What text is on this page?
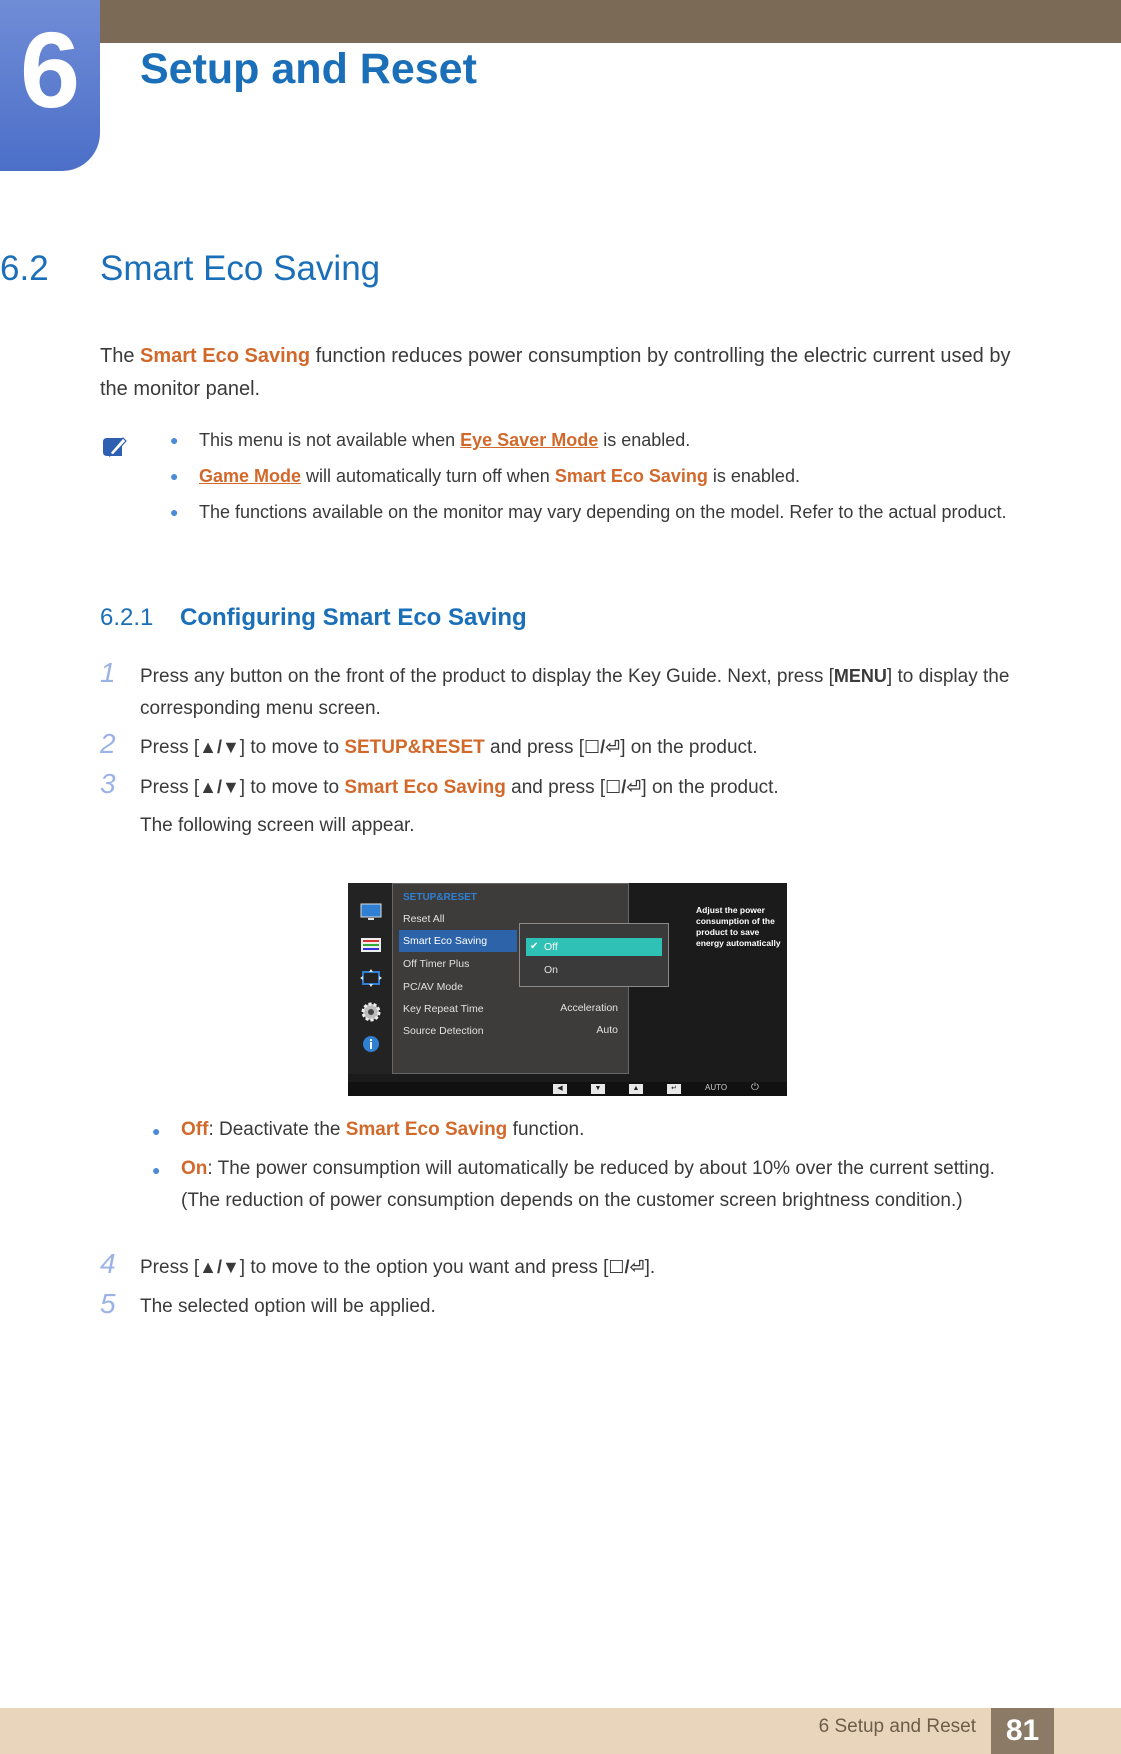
6	Setup and Reset
6.2 Smart Eco Saving
The Smart Eco Saving function reduces power consumption by controlling the electric current used by the monitor panel.
● This menu is not available when Eye Saver Mode is enabled.
● Game Mode will automatically turn off when Smart Eco Saving is enabled.
● The functions available on the monitor may vary depending on the model. Refer to the actual product.
6.2.1 Configuring Smart Eco Saving
1 Press any button on the front of the product to display the Key Guide. Next, press [MENU] to display the corresponding menu screen.
2 Press [▲/▼] to move to SETUP&RESET and press [☐/⏎] on the product.
3 Press [▲/▼] to move to Smart Eco Saving and press [☐/⏎] on the product.
The following screen will appear.
SETUP&RESET
Reset All
Smart Eco Saving
Off Timer Plus
PC/AV Mode
Key Repeat Time	Acceleration
Source Detection	Auto
✔ Off
On
Adjust the power consumption of the product to save energy automatically
◀	▼	▲	↵	AUTO ⏻
● Off: Deactivate the Smart Eco Saving function.
● On: The power consumption will automatically be reduced by about 10% over the current setting. (The reduction of power consumption depends on the customer screen brightness condition.)
4 Press [▲/▼] to move to the option you want and press [☐/⏎].
5 The selected option will be applied.
6 Setup and Reset 81
